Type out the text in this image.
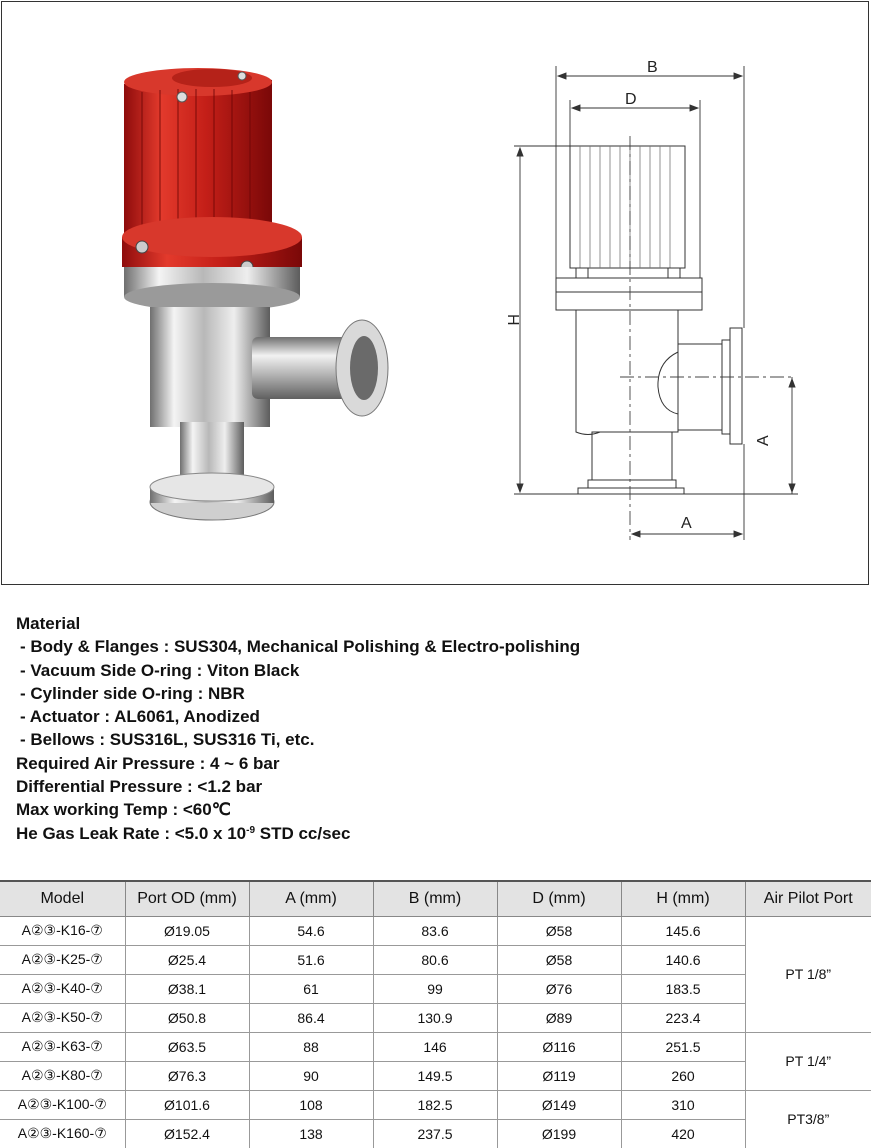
B
D
H
A
A
Material
- Body & Flanges : SUS304, Mechanical Polishing & Electro-polishing
- Vacuum Side O-ring : Viton Black
- Cylinder side O-ring : NBR
- Actuator : AL6061, Anodized
- Bellows : SUS316L, SUS316 Ti, etc.
Required Air Pressure : 4 ~ 6 bar
Differential Pressure : <1.2 bar
Max working Temp : <60℃
He Gas Leak Rate : <5.0 x $10^{-9}$ STD cc/sec
Model	Port OD (mm)	A (mm)	B (mm)	D (mm)	H (mm)	Air Pilot Port
A②③-K16-⑦	Ø19.05	54.6	83.6	Ø58	145.6	PT 1/8”
A②③-K25-⑦	Ø25.4	51.6	80.6	Ø58	140.6	
A②③-K40-⑦	Ø38.1	61	99	Ø76	183.5	
A②③-K50-⑦	Ø50.8	86.4	130.9	Ø89	223.4	
A②③-K63-⑦	Ø63.5	88	146	Ø116	251.5	PT 1/4”
A②③-K80-⑦	Ø76.3	90	149.5	Ø119	260	
A②③-K100-⑦	Ø101.6	108	182.5	Ø149	310	PT3/8”
A②③-K160-⑦	Ø152.4	138	237.5	Ø199	420	
